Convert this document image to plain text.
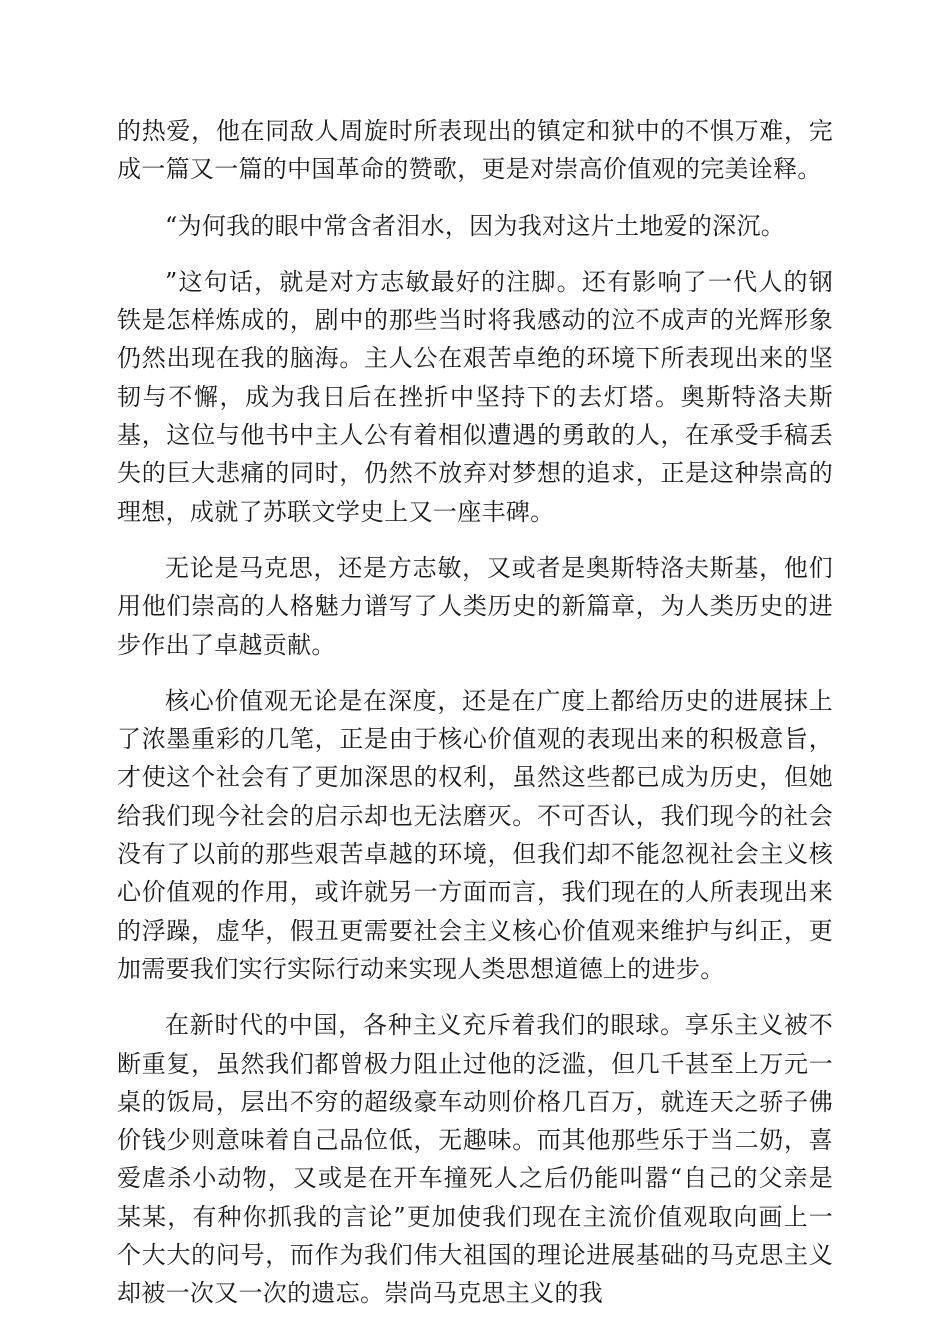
的热爱，他在同敌人周旋时所表现出的镇定和狱中的不惧万难，完成一篇又一篇的中国革命的赞歌，更是对崇高价值观的完美诠释。

“为何我的眼中常含者泪水，因为我对这片土地爱的深沉。

”这句话，就是对方志敏最好的注脚。还有影响了一代人的钢铁是怎样炼成的，剧中的那些当时将我感动的泣不成声的光辉形象仍然出现在我的脑海。主人公在艰苦卓绝的环境下所表现出来的坚韧与不懈，成为我日后在挫折中坚持下的去灯塔。奥斯特洛夫斯基，这位与他书中主人公有着相似遭遇的勇敢的人，在承受手稿丢失的巨大悲痛的同时，仍然不放弃对梦想的追求，正是这种崇高的理想，成就了苏联文学史上又一座丰碑。

无论是马克思，还是方志敏，又或者是奥斯特洛夫斯基，他们用他们崇高的人格魅力谱写了人类历史的新篇章，为人类历史的进步作出了卓越贡献。

核心价值观无论是在深度，还是在广度上都给历史的进展抹上了浓墨重彩的几笔，正是由于核心价值观的表现出来的积极意旨，才使这个社会有了更加深思的权利，虽然这些都已成为历史，但她给我们现今社会的启示却也无法磨灭。不可否认，我们现今的社会没有了以前的那些艰苦卓越的环境，但我们却不能忽视社会主义核心价值观的作用，或许就另一方面而言，我们现在的人所表现出来的浮躁，虚华，假丑更需要社会主义核心价值观来维护与纠正，更加需要我们实行实际行动来实现人类思想道德上的进步。

在新时代的中国，各种主义充斥着我们的眼球。享乐主义被不断重复，虽然我们都曾极力阻止过他的泛滥，但几千甚至上万元一桌的饭局，层出不穷的超级豪车动则价格几百万，就连天之骄子佛价钱少则意味着自己品位低，无趣味。而其他那些乐于当二奶，喜爱虐杀小动物，又或是在开车撞死人之后仍能叫嚣“自己的父亲是某某，有种你抓我的言论”更加使我们现在主流价值观取向画上一个大大的问号，而作为我们伟大祖国的理论进展基础的马克思主义却被一次又一次的遗忘。崇尚马克思主义的我
